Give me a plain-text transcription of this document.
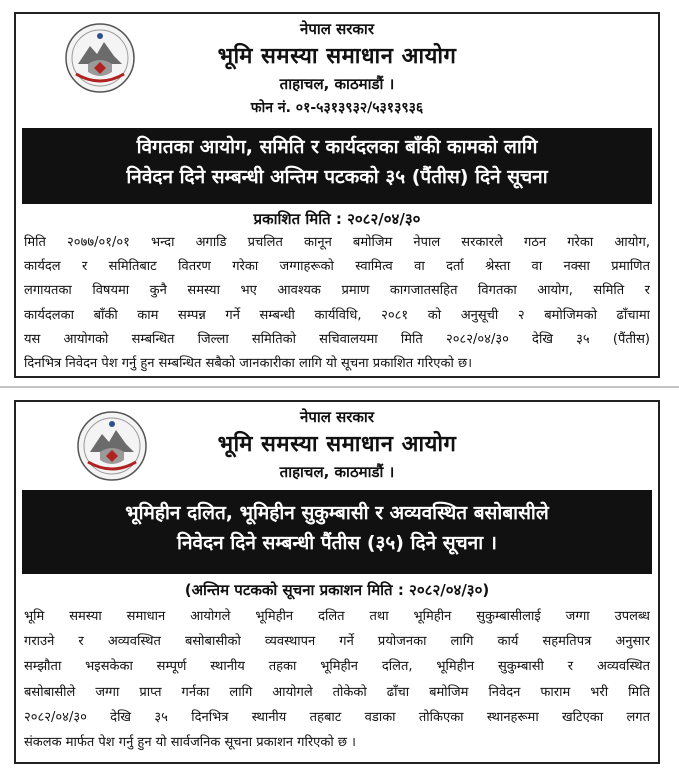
नेपाल सरकार
भूमि समस्या समाधान आयोग
ताहाचल, काठमाडौं ।
फोन नं. ०१-५३१३९३२/५३१३९३६
विगतका आयोग, समिति र कार्यदलका बाँकी कामको लागि
निवेदन दिने सम्बन्धी अन्तिम पटकको ३५ (पैंतीस) दिने सूचना
प्रकाशित मिति : २०८२/०४/३०
मिति २०७७/०१/०१ भन्दा अगाडि प्रचलित कानून बमोजिम नेपाल सरकारले गठन गरेका आयोग,
कार्यदल र समितिबाट वितरण गरेका जग्गाहरूको स्वामित्व वा दर्ता श्रेस्ता वा नक्सा प्रमाणित
लगायतका विषयमा कुनै समस्या भए आवश्यक प्रमाण कागजातसहित विगतका आयोग, समिति र
कार्यदलका बाँकी काम सम्पन्न गर्ने सम्बन्धी कार्यविधि, २०८१ को अनुसूची २ बमोजिमको ढाँचामा
यस आयोगको सम्बन्धित जिल्ला समितिको सचिवालयमा मिति २०८२/०४/३० देखि ३५ (पैंतीस)
दिनभित्र निवेदन पेश गर्नु हुन सम्बन्धित सबैको जानकारीका लागि यो सूचना प्रकाशित गरिएको छ।
नेपाल सरकार
भूमि समस्या समाधान आयोग
ताहाचल, काठमाडौं ।
भूमिहीन दलित, भूमिहीन सुकुम्बासी र अव्यवस्थित बसोबासीले
निवेदन दिने सम्बन्धी पैंतीस (३५) दिने सूचना ।
(अन्तिम पटकको सूचना प्रकाशन मिति : २०८२/०४/३०)
भूमि समस्या समाधान आयोगले भूमिहीन दलित तथा भूमिहीन सुकुम्बासीलाई जग्गा उपलब्ध
गराउने र अव्यवस्थित बसोबासीको व्यवस्थापन गर्ने प्रयोजनका लागि कार्य सहमतिपत्र अनुसार
सम्झौता भइसकेका सम्पूर्ण स्थानीय तहका भूमिहीन दलित, भूमिहीन सुकुम्बासी र अव्यवस्थित
बसोबासीले जग्गा प्राप्त गर्नका लागि आयोगले तोकेको ढाँचा बमोजिम निवेदन फाराम भरी मिति
२०८२/०४/३० देखि ३५ दिनभित्र स्थानीय तहबाट वडाका तोकिएका स्थानहरूमा खटिएका लगत
संकलक मार्फत पेश गर्नु हुन यो सार्वजनिक सूचना प्रकाशन गरिएको छ ।
